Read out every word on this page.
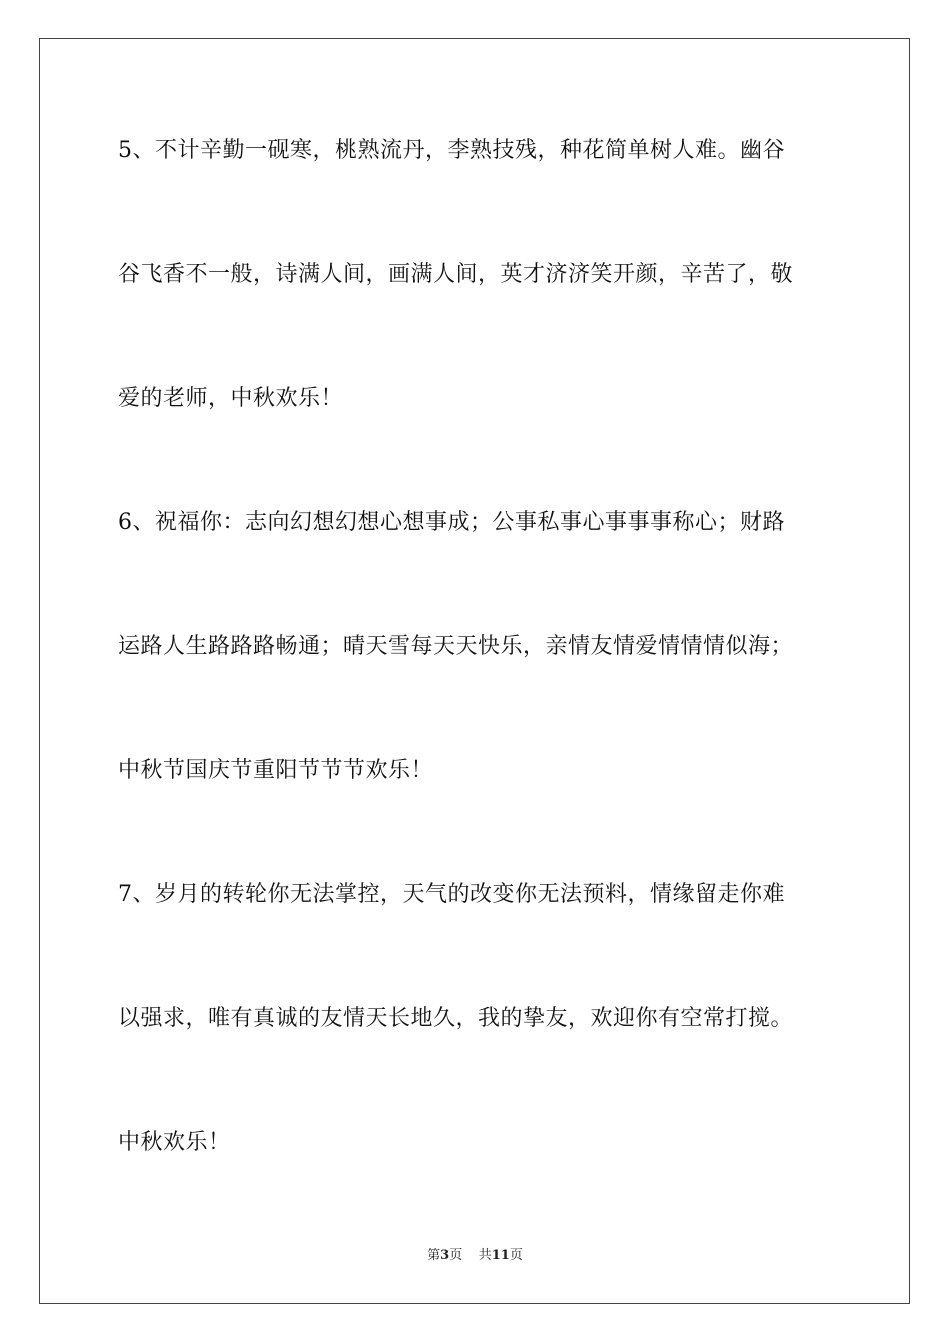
5、不计辛勤一砚寒，桃熟流丹，李熟技残，种花简单树人难。幽谷
谷飞香不一般，诗满人间，画满人间，英才济济笑开颜，辛苦了，敬
爱的老师，中秋欢乐！
6、祝福你：志向幻想幻想心想事成；公事私事心事事事称心；财路
运路人生路路路畅通；晴天雪每天天快乐，亲情友情爱情情情似海；
中秋节国庆节重阳节节节欢乐！
7、岁月的转轮你无法掌控，天气的改变你无法预料，情缘留走你难
以强求，唯有真诚的友情天长地久，我的挚友，欢迎你有空常打搅。
中秋欢乐！
第3页 共11页
